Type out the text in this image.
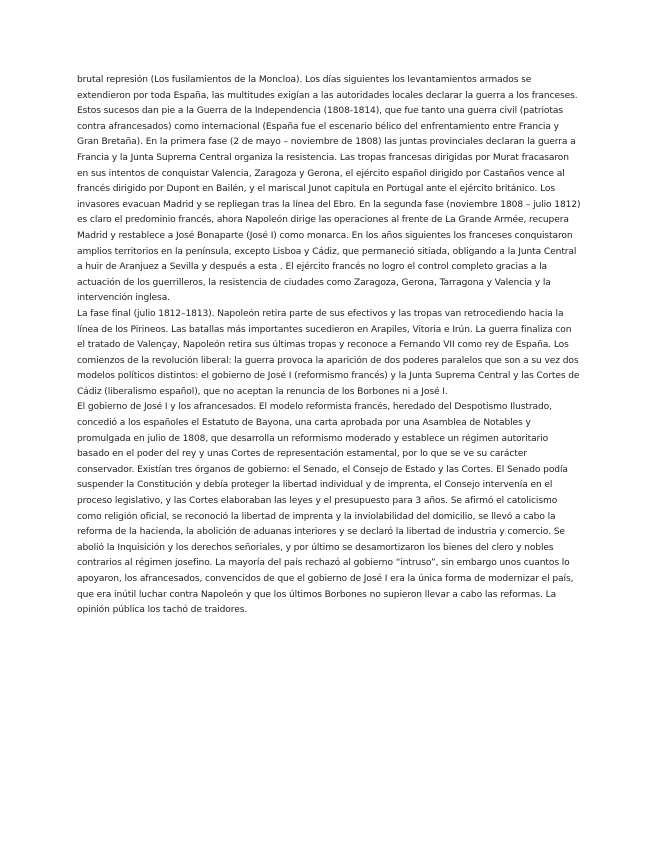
brutal represión (Los fusilamientos de la Moncloa). Los días siguientes los levantamientos armados se extendieron por toda España, las multitudes exigían a las autoridades locales declarar la guerra a los franceses. Estos sucesos dan pie a la Guerra de la Independencia (1808-1814), que fue tanto una guerra civil (patriotas contra afrancesados) como internacional (España fue el escenario bélico del enfrentamiento entre Francia y Gran Bretaña). En la primera fase (2 de mayo – noviembre de 1808) las juntas provinciales declaran la guerra a Francia y la Junta Suprema Central organiza la resistencia. Las tropas francesas dirigidas por Murat fracasaron en sus intentos de conquistar Valencia, Zaragoza y Gerona, el ejército español dirigido por Castaños vence al francés dirigido por Dupont en Bailén, y el mariscal Junot capitula en Portugal ante el ejército británico. Los invasores evacuan Madrid y se repliegan tras la línea del Ebro. En la segunda fase (noviembre 1808 – julio 1812) es claro el predominio francés, ahora Napoleón dirige las operaciones al frente de La Grande Armée, recupera Madrid y restablece a José Bonaparte (José I) como monarca. En los años siguientes los franceses conquistaron amplios territorios en la península, excepto Lisboa y Cádiz, que permaneció sitiada, obligando a la Junta Central a huir de Aranjuez a Sevilla y después a esta . El ejército francés no logro el control completo gracias a la actuación de los guerrilleros, la resistencia de ciudades como Zaragoza, Gerona, Tarragona y Valencia y la intervención inglesa.

La fase final (julio 1812–1813). Napoleón retira parte de sus efectivos y las tropas van retrocediendo hacia la línea de los Pirineos. Las batallas más importantes sucedieron en Arapiles, Vitoria e Irún. La guerra finaliza con el tratado de Valençay, Napoleón retira sus últimas tropas y reconoce a Fernando VII como rey de España. Los comienzos de la revolución liberal: la guerra provoca la aparición de dos poderes paralelos que son a su vez dos modelos políticos distintos: el gobierno de José I (reformismo francés) y la Junta Suprema Central y las Cortes de Cádiz (liberalismo español), que no aceptan la renuncia de los Borbones ni a José I.

El gobierno de José I y los afrancesados. El modelo reformista francés, heredado del Despotismo Ilustrado, concedió a los españoles el Estatuto de Bayona, una carta aprobada por una Asamblea de Notables y promulgada en julio de 1808, que desarrolla un reformismo moderado y establece un régimen autoritario basado en el poder del rey y unas Cortes de representación estamental, por lo que se ve su carácter conservador. Existían tres órganos de gobierno: el Senado, el Consejo de Estado y las Cortes. El Senado podía suspender la Constitución y debía proteger la libertad individual y de imprenta, el Consejo intervenía en el proceso legislativo, y las Cortes elaboraban las leyes y el presupuesto para 3 años. Se afirmó el catolicismo como religión oficial, se reconoció la libertad de imprenta y la inviolabilidad del domicilio, se llevó a cabo la reforma de la hacienda, la abolición de aduanas interiores y se declaró la libertad de industria y comercio. Se abolió la Inquisición y los derechos señoriales, y por último se desamortizaron los bienes del clero y nobles contrarios al régimen josefino. La mayoría del país rechazó al gobierno “intruso”, sin embargo unos cuantos lo apoyaron, los afrancesados, convencidos de que el gobierno de José I era la única forma de modernizar el país, que era inútil luchar contra Napoleón y que los últimos Borbones no supieron llevar a cabo las reformas. La opinión pública los tachó de traidores.
